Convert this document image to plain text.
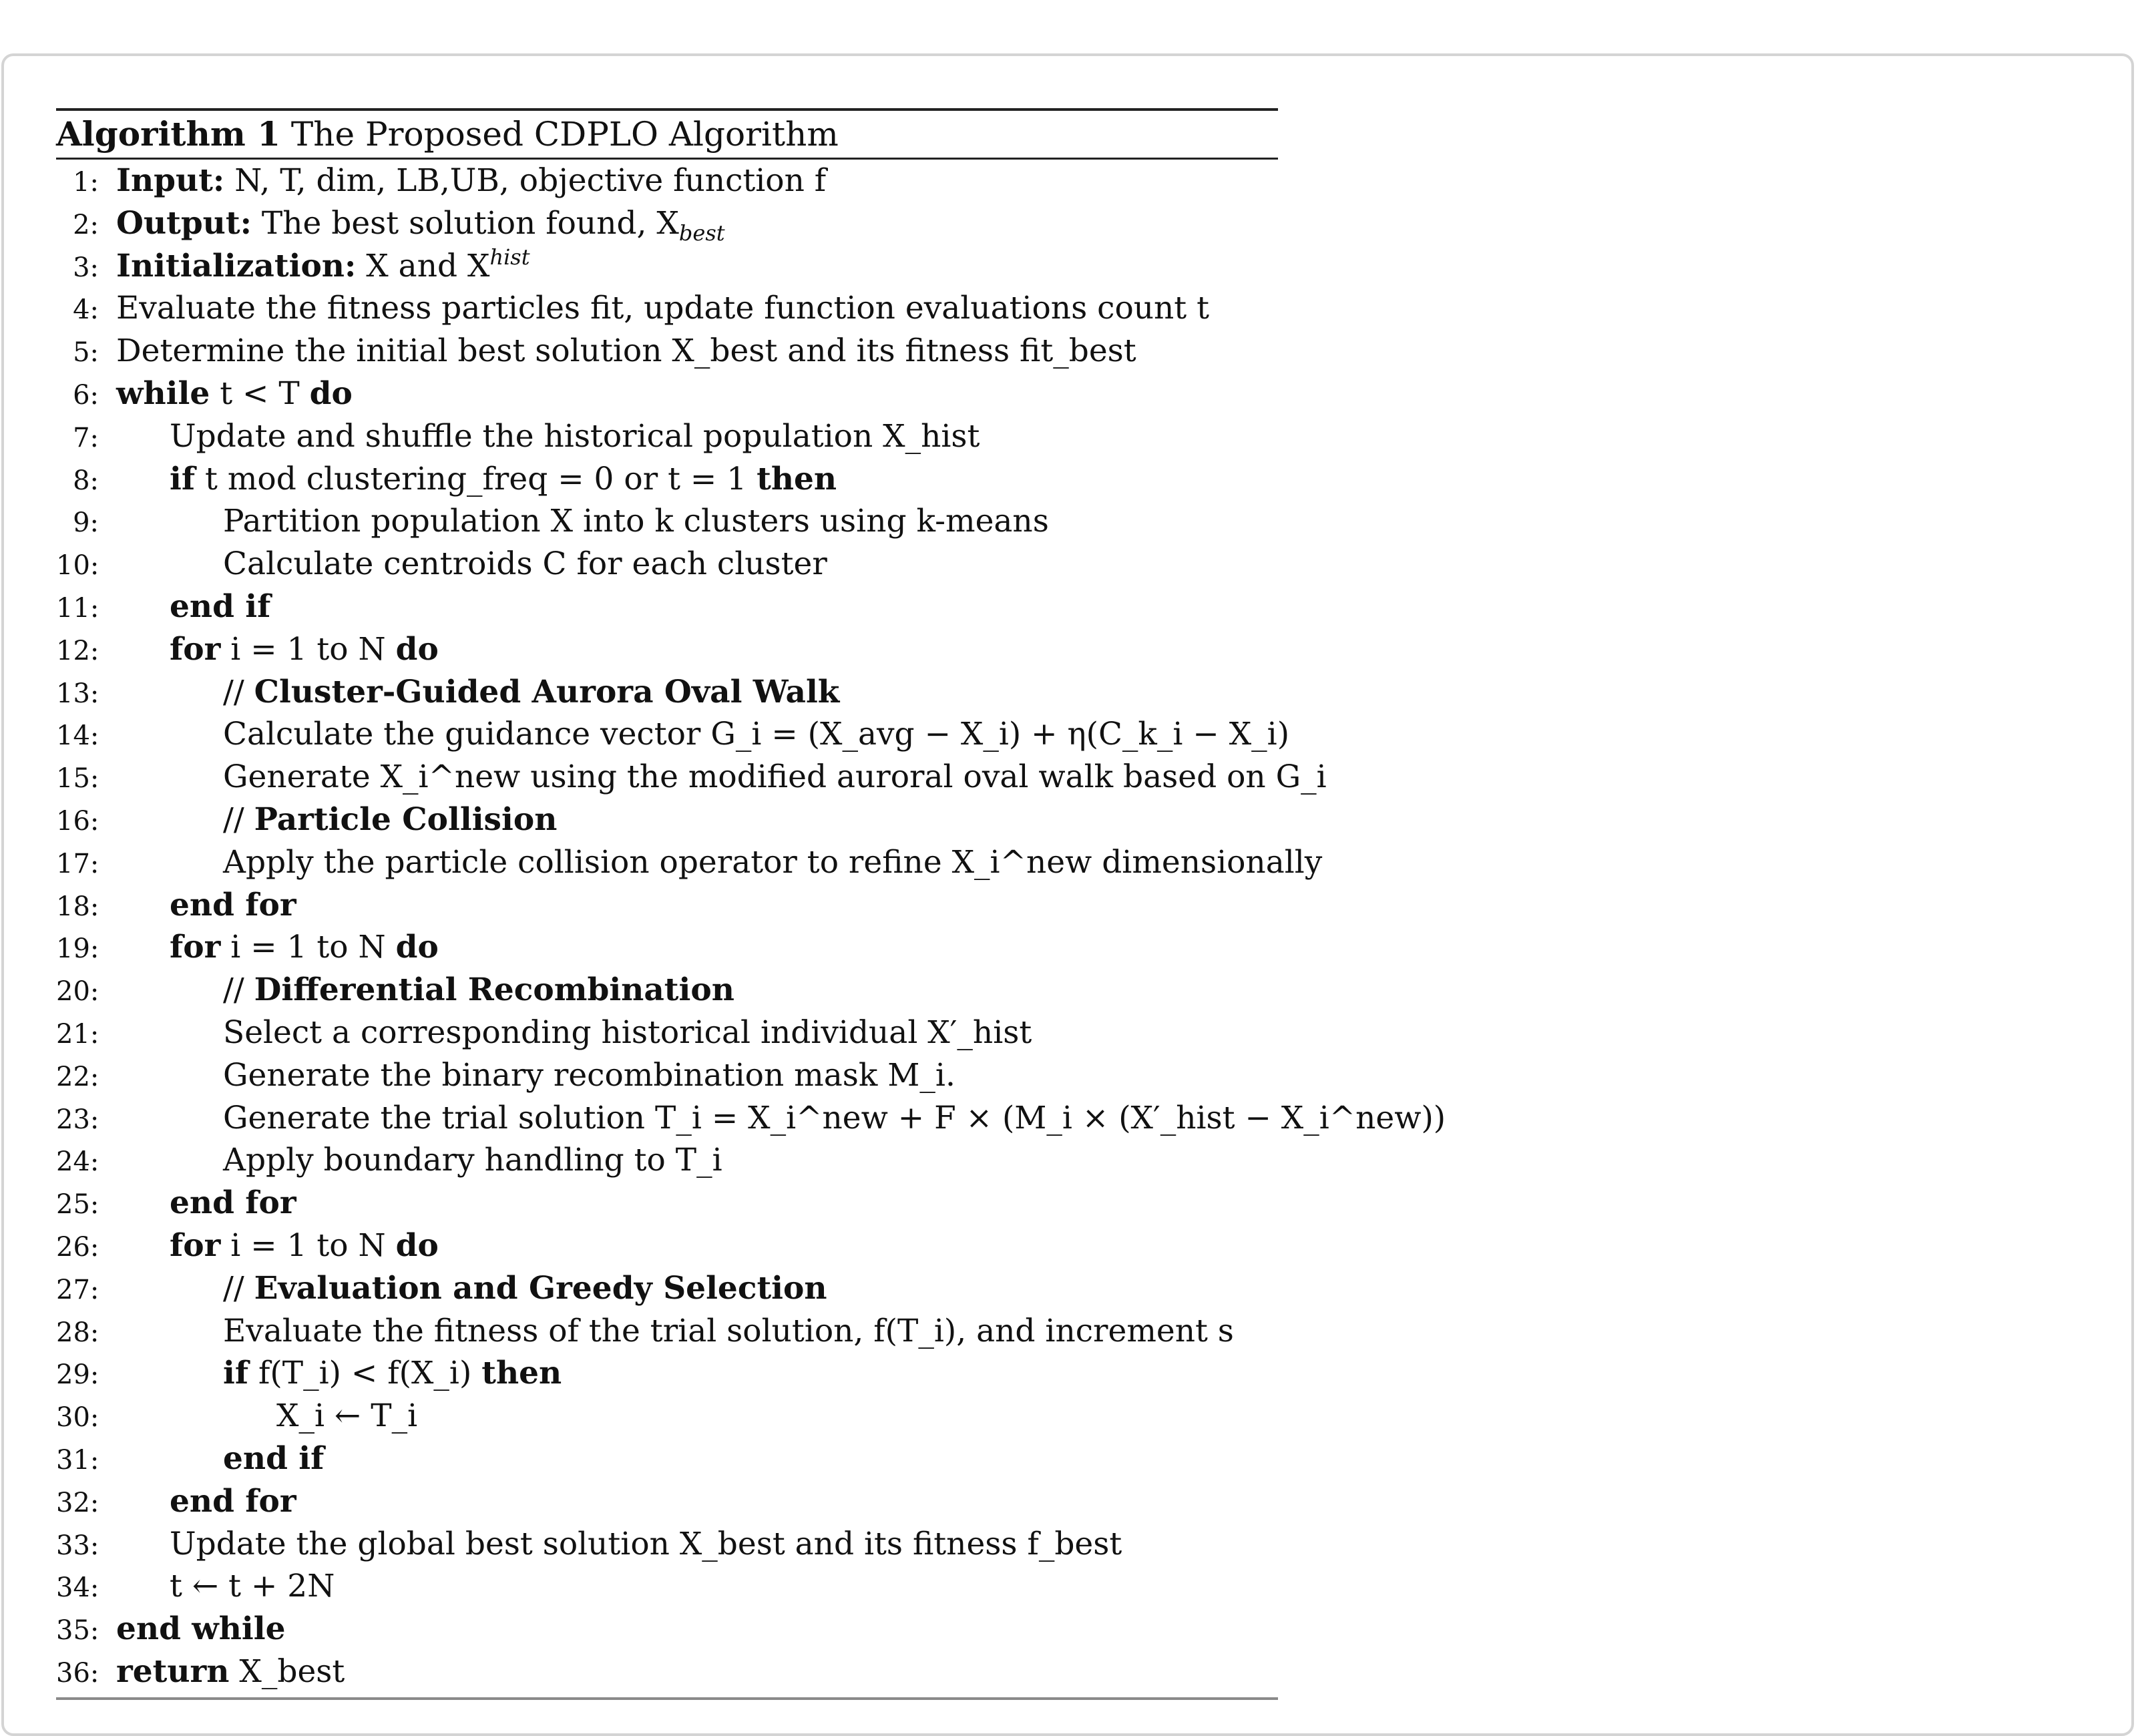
Algorithm 1 The Proposed CDPLO Algorithm
1: Input: N, T, dim, LB,UB, objective function f
2: Output: The best solution found, $X_{best}$
3: Initialization: X and $X^{hist}$
4: Evaluate the fitness particles fit, update function evaluations count t
5: Determine the initial best solution X_best and its fitness fit_best
6: while t < T do
7: Update and shuffle the historical population X_hist
8: if t mod clustering_freq = 0 or t = 1 then
9:	Partition population X into k clusters using k-means
10:	Calculate centroids C for each cluster
11: end if
12: for i = 1 to N do
13:	// Cluster-Guided Aurora Oval Walk
14:	Calculate the guidance vector G_i = (X_avg − X_i) + η(C_k_i − X_i)
15:	Generate X_i^new using the modified auroral oval walk based on G_i
16:	// Particle Collision
17:	Apply the particle collision operator to refine X_i^new dimensionally
18: end for
19: for i = 1 to N do
20:	// Differential Recombination
21:	Select a corresponding historical individual X′_hist
22:	Generate the binary recombination mask M_i.
23:	Generate the trial solution T_i = X_i^new + F × (M_i × (X′_hist − X_i^new))
24:	Apply boundary handling to T_i
25: end for
26: for i = 1 to N do
27:	// Evaluation and Greedy Selection
28:	Evaluate the fitness of the trial solution, f(T_i), and increment s
29:	if f(T_i) < f(X_i) then
30:	X_i ← T_i
31:	end if
32: end for
33: Update the global best solution X_best and its fitness f_best
34: t ← t + 2N
35: end while
36: return X_best
